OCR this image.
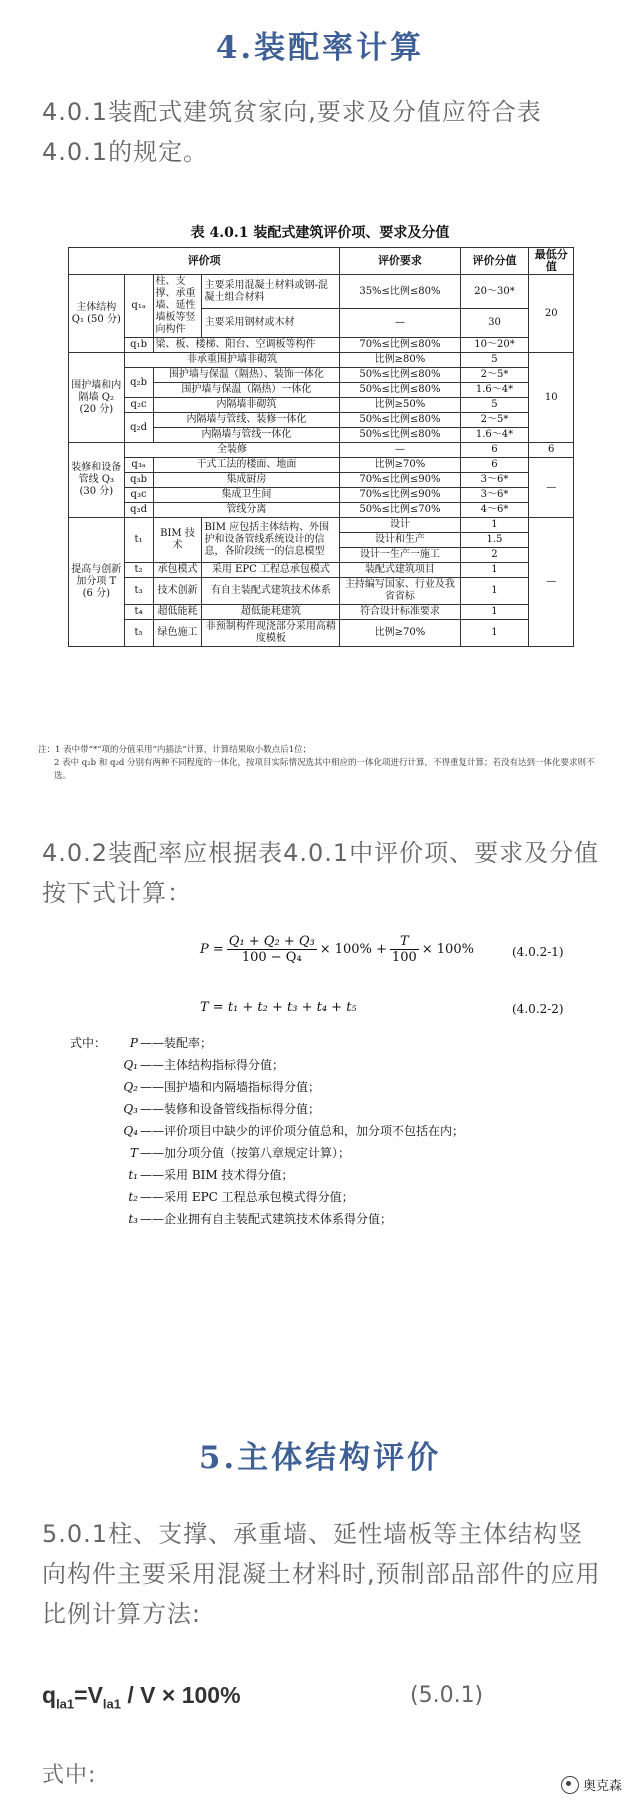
4.装配率计算
4.0.1装配式建筑贫家向,要求及分值应符合表4.0.1的规定。
表 4.0.1 装配式建筑评价项、要求及分值
评价项				评价要求	评价分值	最低分值
主体结构 Q₁ (50 分)	q₁ₐ	柱、支撑、承重墙、延性墙板等竖向构件	主要采用混凝土材料或钢-混凝土组合材料	35%≤比例≤80%	20～30*	20
			主要采用钢材或木材	—	30	
	q₁b	梁、板、楼梯、阳台、空调板等构件		70%≤比例≤80%	10～20*	
围护墙和内隔墙 Q₂ (20 分)	非承重围护墙非砌筑			比例≥80%	5	10
	q₂b	围护墙与保温（隔热）、装饰一体化		50%≤比例≤80%	2～5*	
		围护墙与保温（隔热）一体化		50%≤比例≤80%	1.6～4*	
	q₂c	内隔墙非砌筑		比例≥50%	5	
	q₂d	内隔墙与管线、装修一体化		50%≤比例≤80%	2～5*	
		内隔墙与管线一体化		50%≤比例≤80%	1.6～4*	
装修和设备管线 Q₃ (30 分)	全装修			—	6	6
	q₃ₐ	干式工法的楼面、地面		比例≥70%	6	—
	q₃b	集成厨房		70%≤比例≤90%	3～6*	
	q₃c	集成卫生间		70%≤比例≤90%	3～6*	
	q₃d	管线分离		50%≤比例≤70%	4～6*	
提高与创新加分项 T (6 分)	t₁	BIM 技术	BIM 应包括主体结构、外围护和设备管线系统设计的信息，各阶段统一的信息模型	设计	1	—
				设计和生产	1.5	
				设计一生产一施工	2	
	t₂	承包模式	采用 EPC 工程总承包模式	装配式建筑项目	1	
	t₃	技术创新	有自主装配式建筑技术体系	主持编写国家、行业及我省省标	1	
	t₄	超低能耗	超低能耗建筑	符合设计标准要求	1	
	t₅	绿色施工	非预制构件现浇部分采用高精度模板	比例≥70%	1	
注：1 表中带“*”项的分值采用“内插法”计算，计算结果取小数点后1位；
2 表中 q₂b 和 q₂d 分别有两种不同程度的一体化，按项目实际情况选其中相应的一体化项进行计算，不得重复计算；若没有达到一体化要求则不选。
4.0.2装配率应根据表4.0.1中评价项、要求及分值按下式计算：
$P = \frac{\text{Q₁ + Q₂ + Q₃}}{\text{100 − Q₄}} \times 100\% + \frac{T}{100} \times 100\%$	(4.0.2-1)
T = t₁ + t₂ + t₃ + t₄ + t₅	(4.0.2-2)
式中：	P ——装配率；
Q₁ ——主体结构指标得分值；
Q₂ ——围护墙和内隔墙指标得分值；
Q₃ ——装修和设备管线指标得分值；
Q₄ ——评价项目中缺少的评价项分值总和，加分项不包括在内；
T ——加分项分值（按第八章规定计算）；
t₁ ——采用 BIM 技术得分值；
t₂ ——采用 EPC 工程总承包模式得分值；
t₃ ——企业拥有自主装配式建筑技术体系得分值；
5.主体结构评价
5.0.1柱、支撑、承重墙、延性墙板等主体结构竖向构件主要采用混凝土材料时,预制部品部件的应用比例计算方法:
$q_{la1}=V_{la1} / V \times 100\%$	(5.0.1)
式中:	奥克森
